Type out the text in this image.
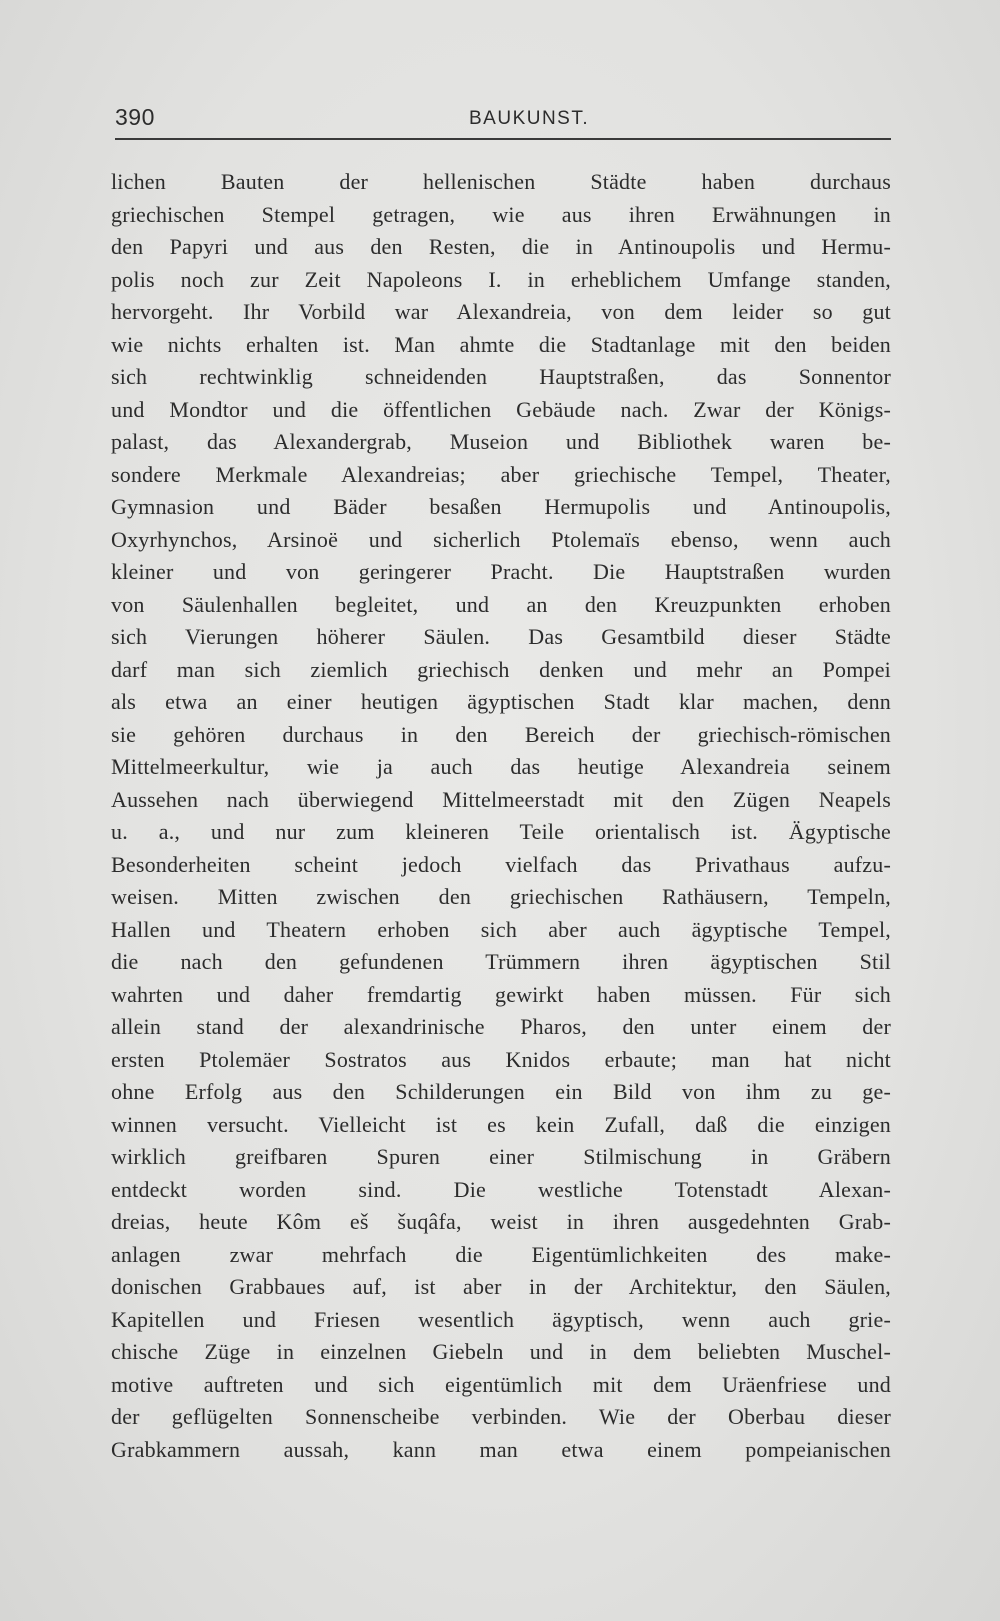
390	BAUKUNST.
lichen Bauten der hellenischen Städte haben durchaus
griechischen Stempel getragen, wie aus ihren Erwähnungen in
den Papyri und aus den Resten, die in Antinoupolis und Hermu-
polis noch zur Zeit Napoleons I. in erheblichem Umfange standen,
hervorgeht. Ihr Vorbild war Alexandreia, von dem leider so gut
wie nichts erhalten ist. Man ahmte die Stadtanlage mit den beiden
sich rechtwinklig schneidenden Hauptstraßen, das Sonnentor
und Mondtor und die öffentlichen Gebäude nach. Zwar der Königs-
palast, das Alexandergrab, Museion und Bibliothek waren be-
sondere Merkmale Alexandreias; aber griechische Tempel, Theater,
Gymnasion und Bäder besaßen Hermupolis und Antinoupolis,
Oxyrhynchos, Arsinoë und sicherlich Ptolemaïs ebenso, wenn auch
kleiner und von geringerer Pracht. Die Hauptstraßen wurden
von Säulenhallen begleitet, und an den Kreuzpunkten erhoben
sich Vierungen höherer Säulen. Das Gesamtbild dieser Städte
darf man sich ziemlich griechisch denken und mehr an Pompei
als etwa an einer heutigen ägyptischen Stadt klar machen, denn
sie gehören durchaus in den Bereich der griechisch-römischen
Mittelmeerkultur, wie ja auch das heutige Alexandreia seinem
Aussehen nach überwiegend Mittelmeerstadt mit den Zügen Neapels
u. a., und nur zum kleineren Teile orientalisch ist. Ägyptische
Besonderheiten scheint jedoch vielfach das Privathaus aufzu-
weisen. Mitten zwischen den griechischen Rathäusern, Tempeln,
Hallen und Theatern erhoben sich aber auch ägyptische Tempel,
die nach den gefundenen Trümmern ihren ägyptischen Stil
wahrten und daher fremdartig gewirkt haben müssen. Für sich
allein stand der alexandrinische Pharos, den unter einem der
ersten Ptolemäer Sostratos aus Knidos erbaute; man hat nicht
ohne Erfolg aus den Schilderungen ein Bild von ihm zu ge-
winnen versucht. Vielleicht ist es kein Zufall, daß die einzigen
wirklich greifbaren Spuren einer Stilmischung in Gräbern
entdeckt worden sind. Die westliche Totenstadt Alexan-
dreias, heute Kôm eš šuqâfa, weist in ihren ausgedehnten Grab-
anlagen zwar mehrfach die Eigentümlichkeiten des make-
donischen Grabbaues auf, ist aber in der Architektur, den Säulen,
Kapitellen und Friesen wesentlich ägyptisch, wenn auch grie-
chische Züge in einzelnen Giebeln und in dem beliebten Muschel-
motive auftreten und sich eigentümlich mit dem Uräenfriese und
der geflügelten Sonnenscheibe verbinden. Wie der Oberbau dieser
Grabkammern aussah, kann man etwa einem pompeianischen
